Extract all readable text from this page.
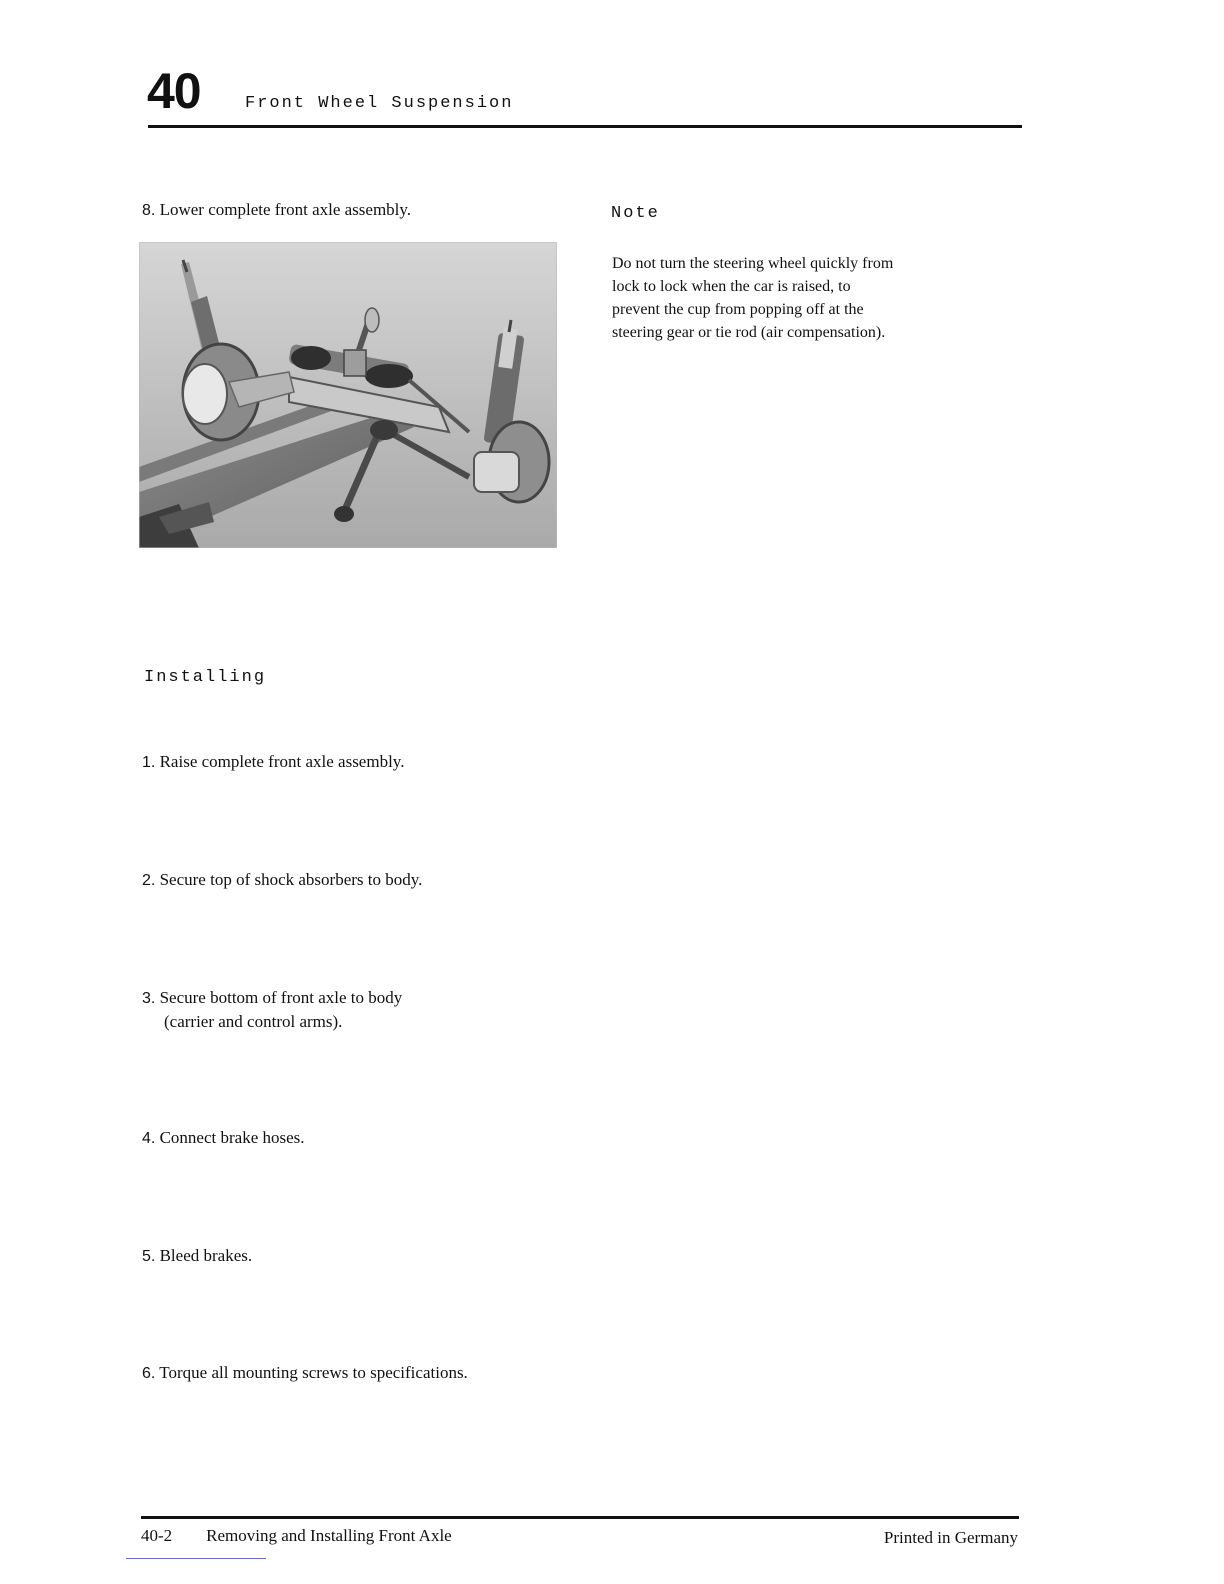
40	Front Wheel Suspension
8. Lower complete front axle assembly.	Note
Do not turn the steering wheel quickly from
lock to lock when the car is raised, to
prevent the cup from popping off at the
steering gear or tie rod (air compensation).
Installing
1. Raise complete front axle assembly.
2. Secure top of shock absorbers to body.
3. Secure bottom of front axle to body
(carrier and control arms).
4. Connect brake hoses.
5. Bleed brakes.
6. Torque all mounting screws to specifications.
40-2 Removing and Installing Front Axle	Printed in Germany
